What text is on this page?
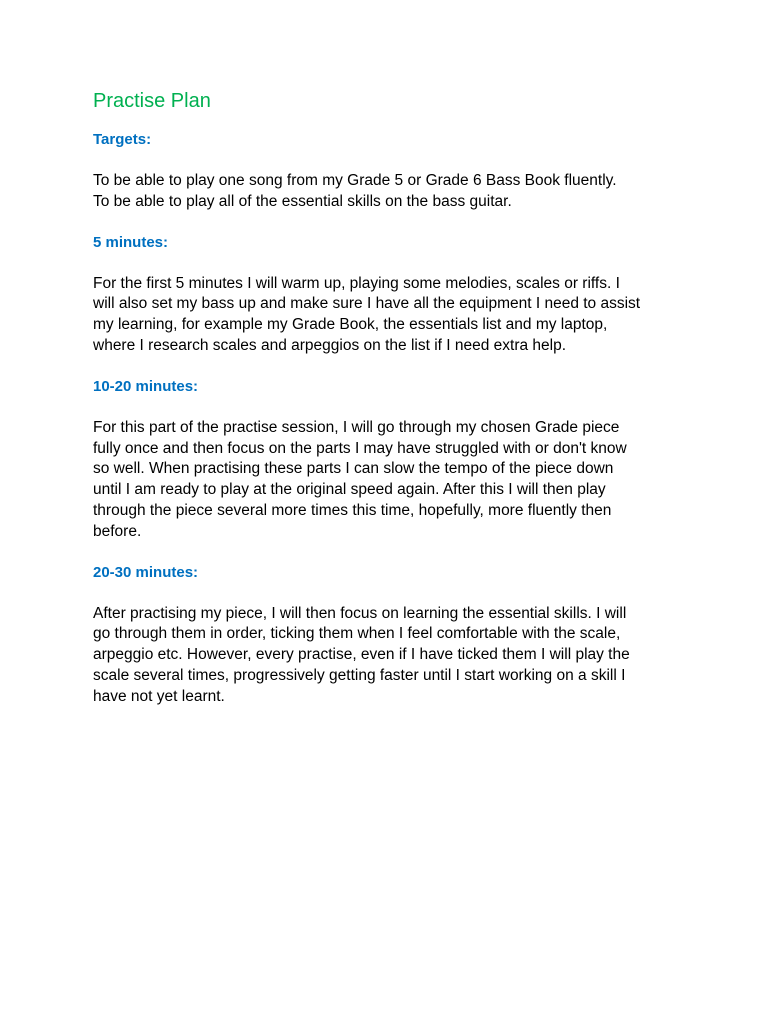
Practise Plan
Targets:

To be able to play one song from my Grade 5 or Grade 6 Bass Book fluently.
To be able to play all of the essential skills on the bass guitar.

5 minutes:

For the first 5 minutes I will warm up, playing some melodies, scales or riffs. I
will also set my bass up and make sure I have all the equipment I need to assist
my learning, for example my Grade Book, the essentials list and my laptop,
where I research scales and arpeggios on the list if I need extra help.

10-20 minutes:

For this part of the practise session, I will go through my chosen Grade piece
fully once and then focus on the parts I may have struggled with or don't know
so well. When practising these parts I can slow the tempo of the piece down
until I am ready to play at the original speed again. After this I will then play
through the piece several more times this time, hopefully, more fluently then
before.

20-30 minutes:

After practising my piece, I will then focus on learning the essential skills. I will
go through them in order, ticking them when I feel comfortable with the scale,
arpeggio etc. However, every practise, even if I have ticked them I will play the
scale several times, progressively getting faster until I start working on a skill I
have not yet learnt.
